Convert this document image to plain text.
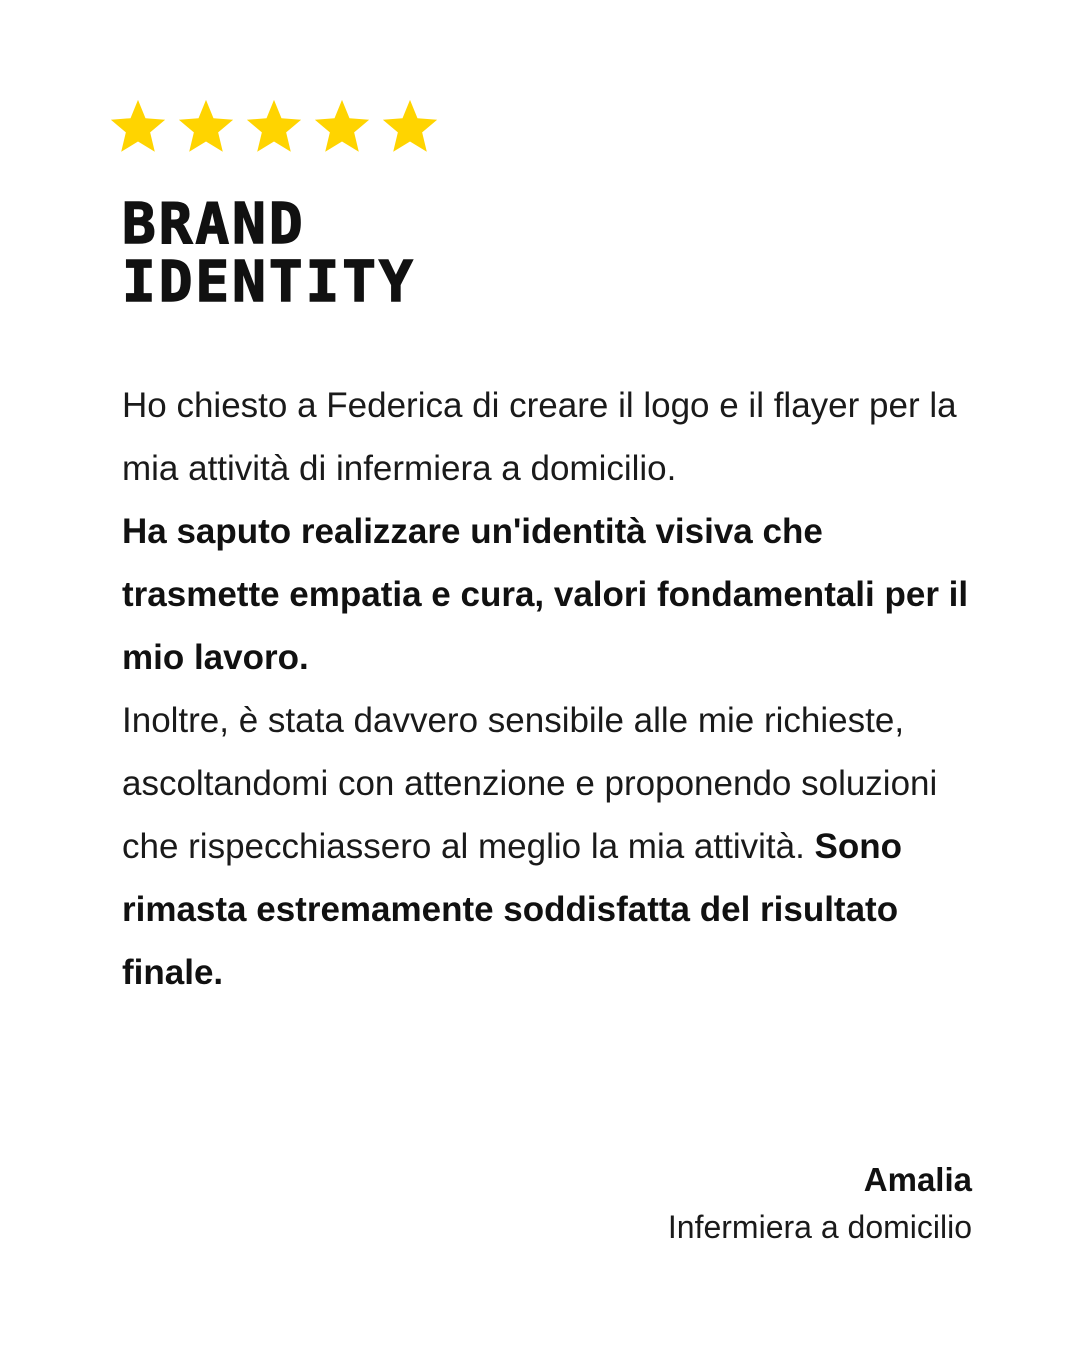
BRAND
IDENTITY

Ho chiesto a Federica di creare il logo e il flayer per la mia attività di infermiera a domicilio.

Ha saputo realizzare un'identità visiva che trasmette empatia e cura, valori fondamentali per il mio lavoro.

Inoltre, è stata davvero sensibile alle mie richieste, ascoltandomi con attenzione e proponendo soluzioni che rispecchiassero al meglio la mia attività. Sono rimasta estremamente soddisfatta del risultato finale.

Amalia
Infermiera a domicilio
